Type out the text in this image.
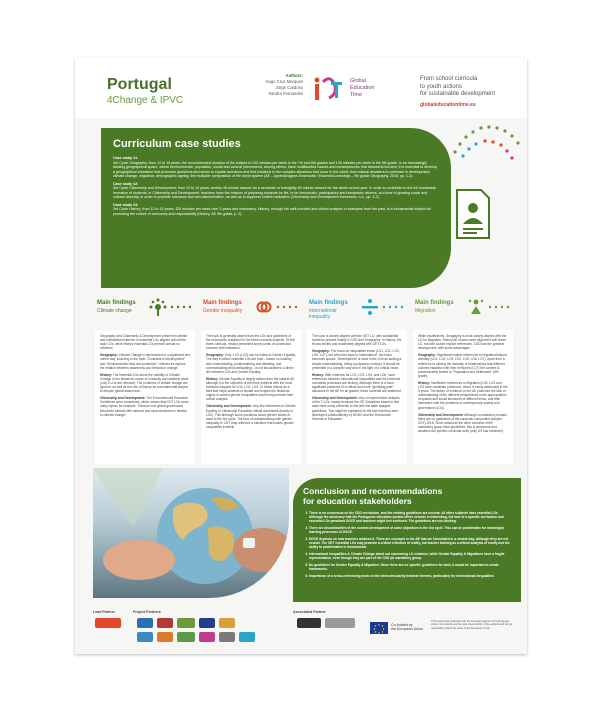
Portugal
4Change & IPVC
Authors:
Hugo Cruz Marques
Jorge Cardoso
Sandra Fernandes
Global
Education
Time
From school curricula
to youth actions
for sustainable development
globaleducationtime.eu
Curriculum case studies
Case study #1:
3rd Cycle Geography; from 12 to 15 years; the recommended duration of the subject is 100 minutes per week in the 7th and 8th grades and 125 minutes per week in the 9th grade. In an increasingly dividing geographical space, where environmental, population, social and cultural phenomena, among others, have multifaceted causes and consequences that transcend borders, it is essential to develop a geographical education that promotes questions and seeks to equate scenarios and find solutions to the complex situations that occur in the world, from natural disasters to contrasts in development, climate change, migration, demographic ageing, the multiplier composition of the world system (AE – Aprendizagens Essenciais / Essential Learnings – 9th grade Geography, 2018, pp. 1-2).
Case study #2:
3rd Cycle Citizenship and Development; from 12 to 15 years; weekly 45-minute classes for a semester or fortnightly 45-minute classes for the whole school year. In order to contribute to the full humanistic formation of students, in Citizenship and Development, teachers have the mission of preparing students for life, to be democratic, participatory and humanistic citizens, at a time of growing social and cultural diversity, in order to promote tolerance and non-discrimination, as well as to suppress violent radicalism (Citizenship and Development framework, n.d., pp. 1-2).
Case study #3:
3rd Cycle History; from 12 to 15 years; 325 minutes per week over 3 years and mandatory. History, through the well-founded and critical analysis of examples from the past, is a fundamental subject for promoting the culture of autonomy and responsibility (History, AE 9th grade, p. 2).
Main findings
Climate change

Geography and Citizenship & Development present moderate and substantial evidence of essential LOs aligned with all the topic LOs, while History essential LOs present almost no evidence.

Geography: Climate Change is represented in a significant and varied way, including in the topic "Contrasts in development" and "Environmental risks and protection"; references explore the relation between awareness and behaviour change.

History: The essential LOs about the visibility of Climate Change in the historical course of humanity are relatively weak (only 3 LOs are relevant). The problems of climate change are ignored, as well as the role of history as a fundamental subject to deepen global awareness.

Citizenship and Development: The Environmental Education Guidelines were considered, which means that CDT LOs cover many topics; for example, "Discuss how global governance structures interact with national and local structures in relation to climate change".

Main findings
Gender inequality

The topic is generally absent from the LOs and guidelines of the documents analysed for the three curricula subjects. Of the three curricula, History presented some points of connection, however with limitations.

Geography: Only 1 LO (LO1) can be linked to Gender Equality. The way in which essential LOs are built – based on locating and understanding, problematizing and debating, and communicating and participating – is not favourable to a direct link between LOs and Gender Equality.

History: Gender Equality is largely absent from the subject AE, although it is the objective of the three subjects with the most evidence mapped for LOs, LO2, LO3. To frame history as a field that helps students to situate and explain the historical origins of current gender inequalities would help promote their critical analysis.

Citizenship and Development: Very few references to Gender Equality in Citizenship Education official documents (mainly in LO2). This although some questions about gender issues is done in the 3rd cycle. The lack of mainstreaming with gender inequality in CDT may reinforce a narrative that makes gender inequalities invisible.

Main findings
International inequality

The topic is closely aligned with the GET LO, with substantial evidence present mainly in CDD and Geography. In History, the fit was limited and moderately aligned with GET LOs.

Geography: The focus on inequalities exists (LO1, LO2, LO3, LO5, LO7), but when the topic is 'international', the focus becomes sparse. 'Development' is used in the LOs as lacking a simple understanding, being a polysemic concept, it should be presented in a complex way and in the light of a critical vision.

History: With evidence for LO2, LO3, LO4, and LO6, more references between international inequalities and the historical colonialist processes are lacking. Although there is a more significant presence of a critical and more "glorifying past" discourse in the AE for all grades, these contents are scattered.

Citizenship and Development: Very comprehensive analysis of the T-LOs, mostly because the OE Guidelines based in this case have many elements in line with the table analysis guidelines. This might be explained by the fact that they were developed collaboratively by NGDO and the Directorate-General of Education.

Main findings
Migration

While insufficiently, Geography is most closely aligned with the LO for Migration. History AE shows some alignment with these LO, but with scarce explicit references. CDD has the greatest development, with some advantages.

Geography: Significant explicit references to Migration/cultural diversity (LO1, LO2, LO3, LO4, LO5, LO6, LO7). Apart from a reference to valuing the diversity of relationships that different cultures establish with their territories (LO7) the content is predominately limited to "Population and Settlement" (8th grade).

History: Insufficient references to Migration (LO5, LO2 and LO3 have moderate presence), which is rarely addressed in the 3 years. The failure of evidence in the AE promotes the lack of understanding of the different perspectives in the appropriation of spaces and social structures of different times, and their interaction with the problems of contemporary society and governance (LO4).

Citizenship and Development: Although a mandatory domain, there are no guidelines of the curricular component (subject CDT) 2018. Since almost all the other domains of the mandatory group have guidelines, this is worrisome and weakens the specific curricular work (only 2/3 has evidence).

Conclusion and recommendations
for education stakeholders
1. There is no consensus on the CDD curriculum, and the existing guidelines are unclear. All other subjects have essential LOs. Although the autonomy that the Portuguese education system offers schools is interesting, the lack of a specific curriculum and essential LOs penalises DGCE and teachers might feel confused. The guidelines are non-binding.
2. There are discontinuities in the content development of some objectives in the 3rd cycle. This can be problematic for meaningful learning processes in DGCE.
3. DGCE depends on how teachers address it. There are concepts in the AE that are formulated in a neutral way, although they are not neutral. The GET essential LOs may promote a critical reflection of reality, but teacher training as a critical analysis of reality and the ability to problematize is fundamental.
4. International Inequalities & Climate Change stand out concerning LO evidence, while Gender Equality & Migrations have a fragile representation, even though they are part of the CDD (at mandatory group.
5. No guidelines for Gender Equality & Migration. Since there are no specific guidelines for both, it would be important to create frameworks.
6. Importance of a cross-referencing work on the intercurricularity between themes, particularly for international inequalities
Lead Partner	Project Partners	Associated Partner
Co-funded by
the European Union
This poster was produced with the financial support of the European Union. Its contents are the sole responsibility of the authors and do not necessarily reflect the views of the European Union.
